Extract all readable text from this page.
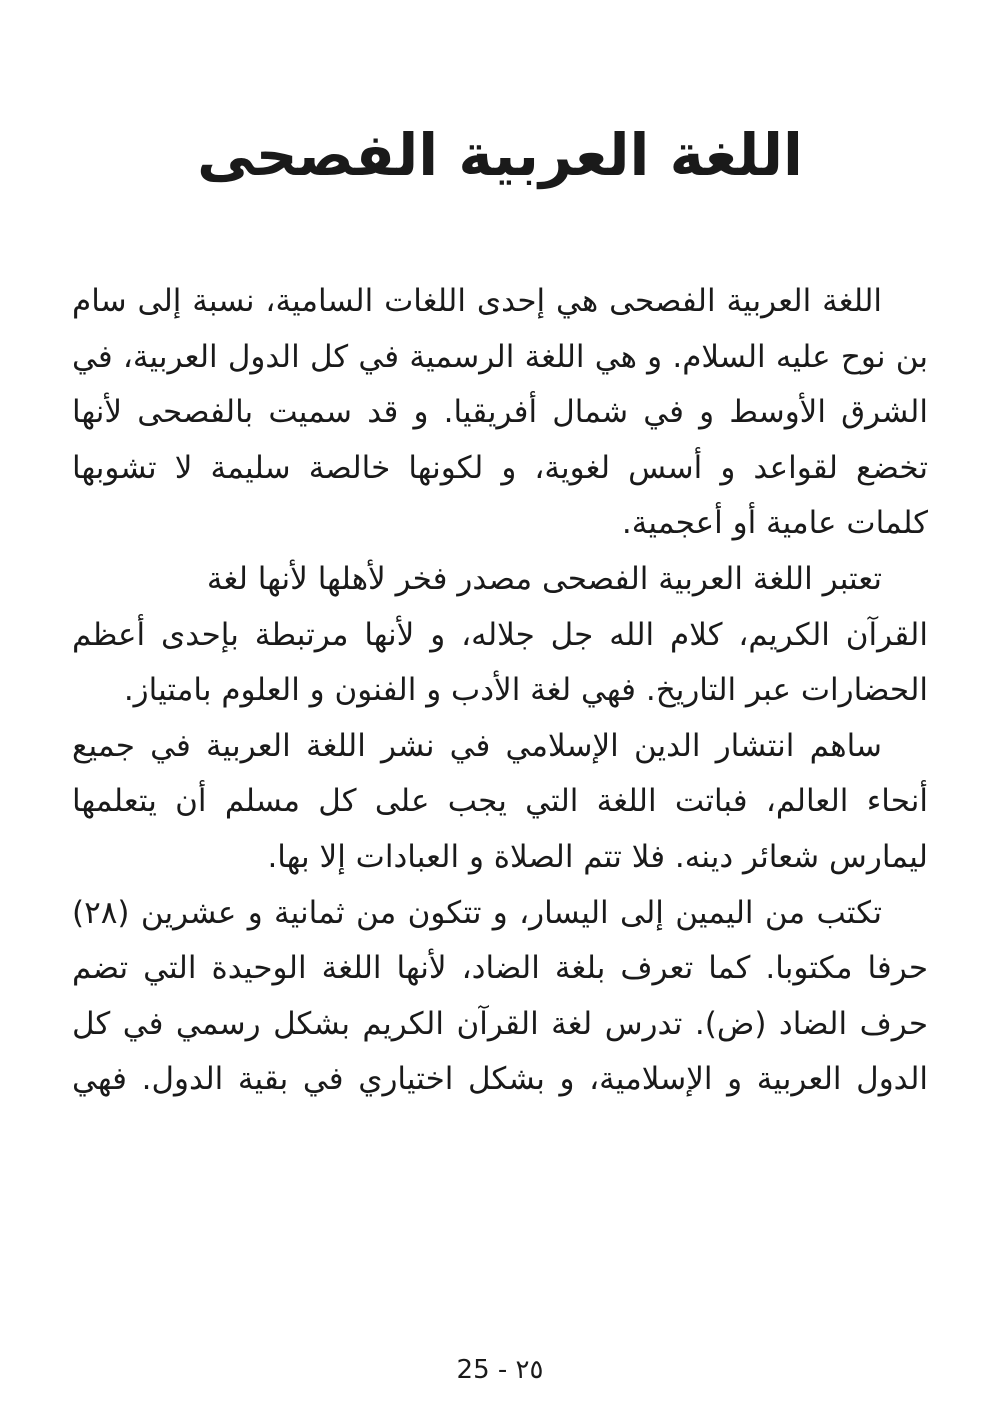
اللغة العربية الفصحى
اللغة العربية الفصحى هي إحدى اللغات السامية، نسبة إلى سام
بن نوح عليه السلام. و هي اللغة الرسمية في كل الدول العربية، في
الشرق الأوسط و في شمال أفريقيا. و قد سميت بالفصحى لأنها
تخضع لقواعد و أسس لغوية، و لكونها خالصة سليمة لا تشوبها
كلمات عامية أو أعجمية.
تعتبر اللغة العربية الفصحى مصدر فخر لأهلها لأنها لغة
القرآن الكريم، كلام الله جل جلاله، و لأنها مرتبطة بإحدى أعظم
الحضارات عبر التاريخ. فهي لغة الأدب و الفنون و العلوم بامتياز.
ساهم انتشار الدين الإسلامي في نشر اللغة العربية في جميع
أنحاء العالم، فباتت اللغة التي يجب على كل مسلم أن يتعلمها
ليمارس شعائر دينه. فلا تتم الصلاة و العبادات إلا بها.
تكتب من اليمين إلى اليسار، و تتكون من ثمانية و عشرين (٢٨)
حرفا مكتوبا. كما تعرف بلغة الضاد، لأنها اللغة الوحيدة التي تضم
حرف الضاد (ض). تدرس لغة القرآن الكريم بشكل رسمي في كل
الدول العربية و الإسلامية، و بشكل اختياري في بقية الدول. فهي
25 - ٢٥
